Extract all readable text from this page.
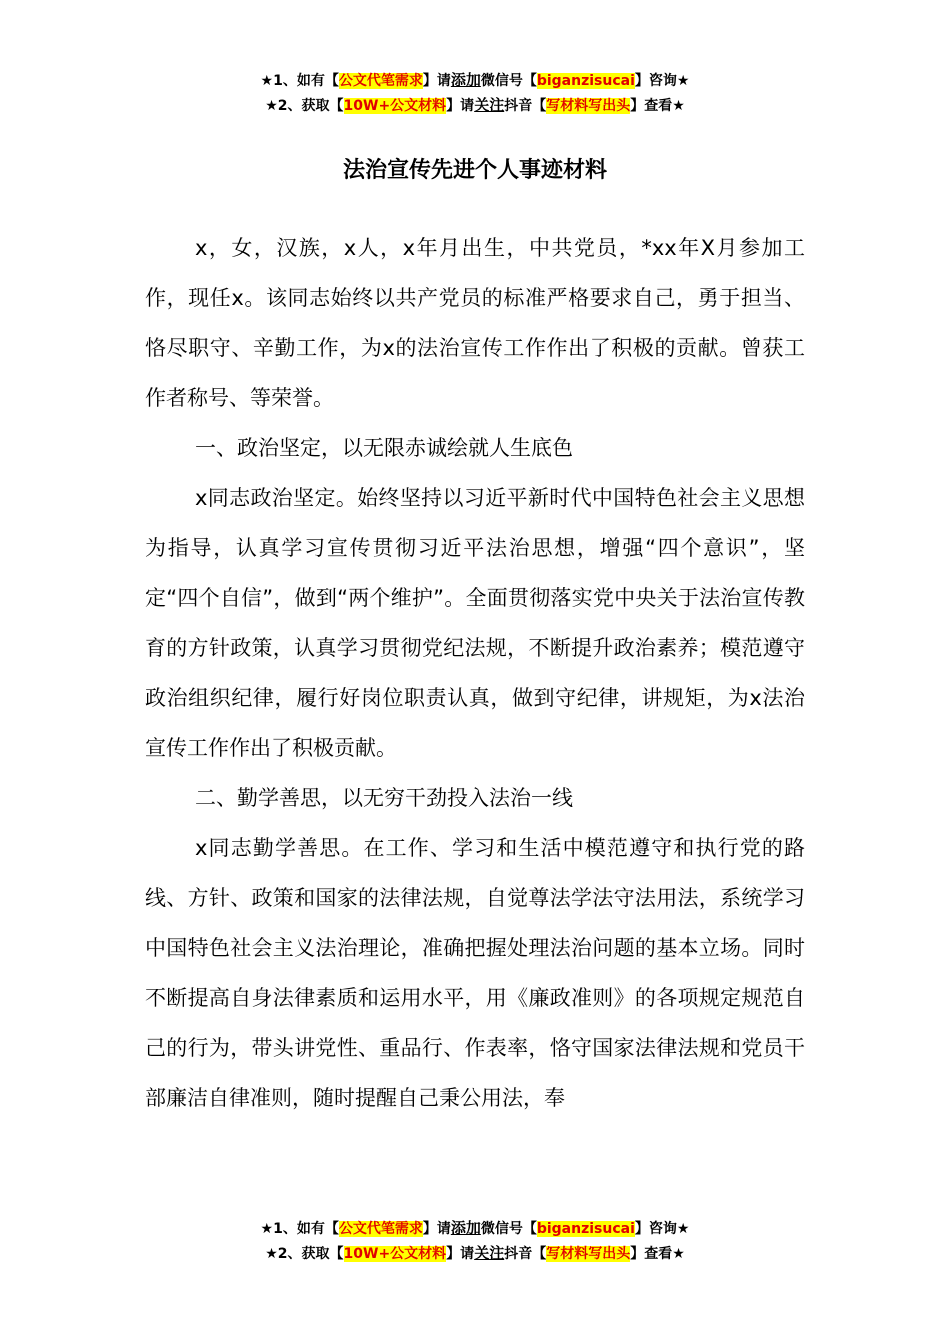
★1、如有【公文代笔需求】请添加微信号【biganzisucai】咨询★
★2、获取【10W+公文材料】请关注抖音【写材料写出头】查看★
法治宣传先进个人事迹材料

x，女，汉族，x人，x年月出生，中共党员，*xx年X月参加工作，现任x。该同志始终以共产党员的标准严格要求自己，勇于担当、恪尽职守、辛勤工作，为x的法治宣传工作作出了积极的贡献。曾获工作者称号、等荣誉。

一、政治坚定，以无限赤诚绘就人生底色

x同志政治坚定。始终坚持以习近平新时代中国特色社会主义思想为指导，认真学习宣传贯彻习近平法治思想，增强“四个意识”，坚定“四个自信”，做到“两个维护”。全面贯彻落实党中央关于法治宣传教育的方针政策，认真学习贯彻党纪法规，不断提升政治素养；模范遵守政治组织纪律，履行好岗位职责认真，做到守纪律，讲规矩，为x法治宣传工作作出了积极贡献。

二、勤学善思，以无穷干劲投入法治一线

x同志勤学善思。在工作、学习和生活中模范遵守和执行党的路线、方针、政策和国家的法律法规，自觉尊法学法守法用法，系统学习中国特色社会主义法治理论，准确把握处理法治问题的基本立场。同时不断提高自身法律素质和运用水平，用《廉政准则》的各项规定规范自己的行为，带头讲党性、重品行、作表率，恪守国家法律法规和党员干部廉洁自律准则，随时提醒自己秉公用法，奉

★1、如有【公文代笔需求】请添加微信号【biganzisucai】咨询★
★2、获取【10W+公文材料】请关注抖音【写材料写出头】查看★
